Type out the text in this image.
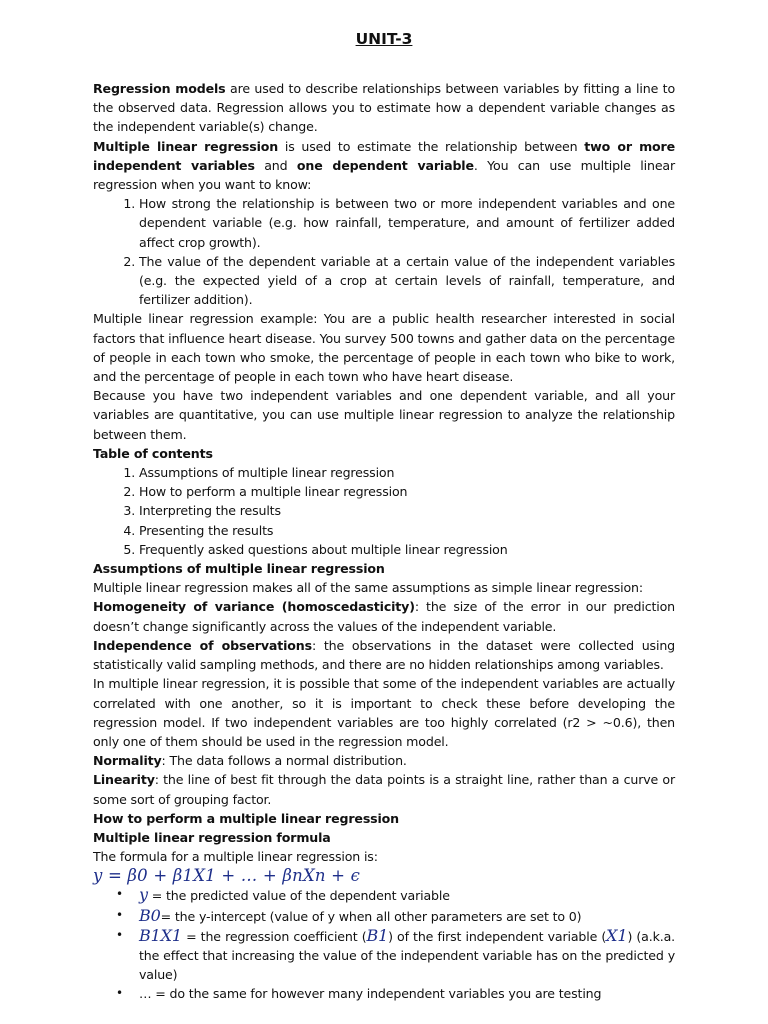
UNIT-3

Regression models are used to describe relationships between variables by fitting a line to the observed data. Regression allows you to estimate how a dependent variable changes as the independent variable(s) change.

Multiple linear regression is used to estimate the relationship between two or more independent variables and one dependent variable. You can use multiple linear regression when you want to know:

1. How strong the relationship is between two or more independent variables and one dependent variable (e.g. how rainfall, temperature, and amount of fertilizer added affect crop growth).
2. The value of the dependent variable at a certain value of the independent variables (e.g. the expected yield of a crop at certain levels of rainfall, temperature, and fertilizer addition).

Multiple linear regression example: You are a public health researcher interested in social factors that influence heart disease. You survey 500 towns and gather data on the percentage of people in each town who smoke, the percentage of people in each town who bike to work, and the percentage of people in each town who have heart disease.

Because you have two independent variables and one dependent variable, and all your variables are quantitative, you can use multiple linear regression to analyze the relationship between them.

Table of contents
1. Assumptions of multiple linear regression
2. How to perform a multiple linear regression
3. Interpreting the results
4. Presenting the results
5. Frequently asked questions about multiple linear regression
Assumptions of multiple linear regression

Multiple linear regression makes all of the same assumptions as simple linear regression:

Homogeneity of variance (homoscedasticity): the size of the error in our prediction doesn’t change significantly across the values of the independent variable.

Independence of observations: the observations in the dataset were collected using statistically valid sampling methods, and there are no hidden relationships among variables.

In multiple linear regression, it is possible that some of the independent variables are actually correlated with one another, so it is important to check these before developing the regression model. If two independent variables are too highly correlated (r2 > ~0.6), then only one of them should be used in the regression model.

Normality: The data follows a normal distribution.

Linearity: the line of best fit through the data points is a straight line, rather than a curve or some sort of grouping factor.

How to perform a multiple linear regression
Multiple linear regression formula

The formula for a multiple linear regression is:

y = β0 + β1X1 + … + βnXn + ϵ
• y = the predicted value of the dependent variable
• B0= the y-intercept (value of y when all other parameters are set to 0)
• B1X1 = the regression coefficient (B1) of the first independent variable (X1) (a.k.a. the effect that increasing the value of the independent variable has on the predicted y value)
• … = do the same for however many independent variables you are testing
